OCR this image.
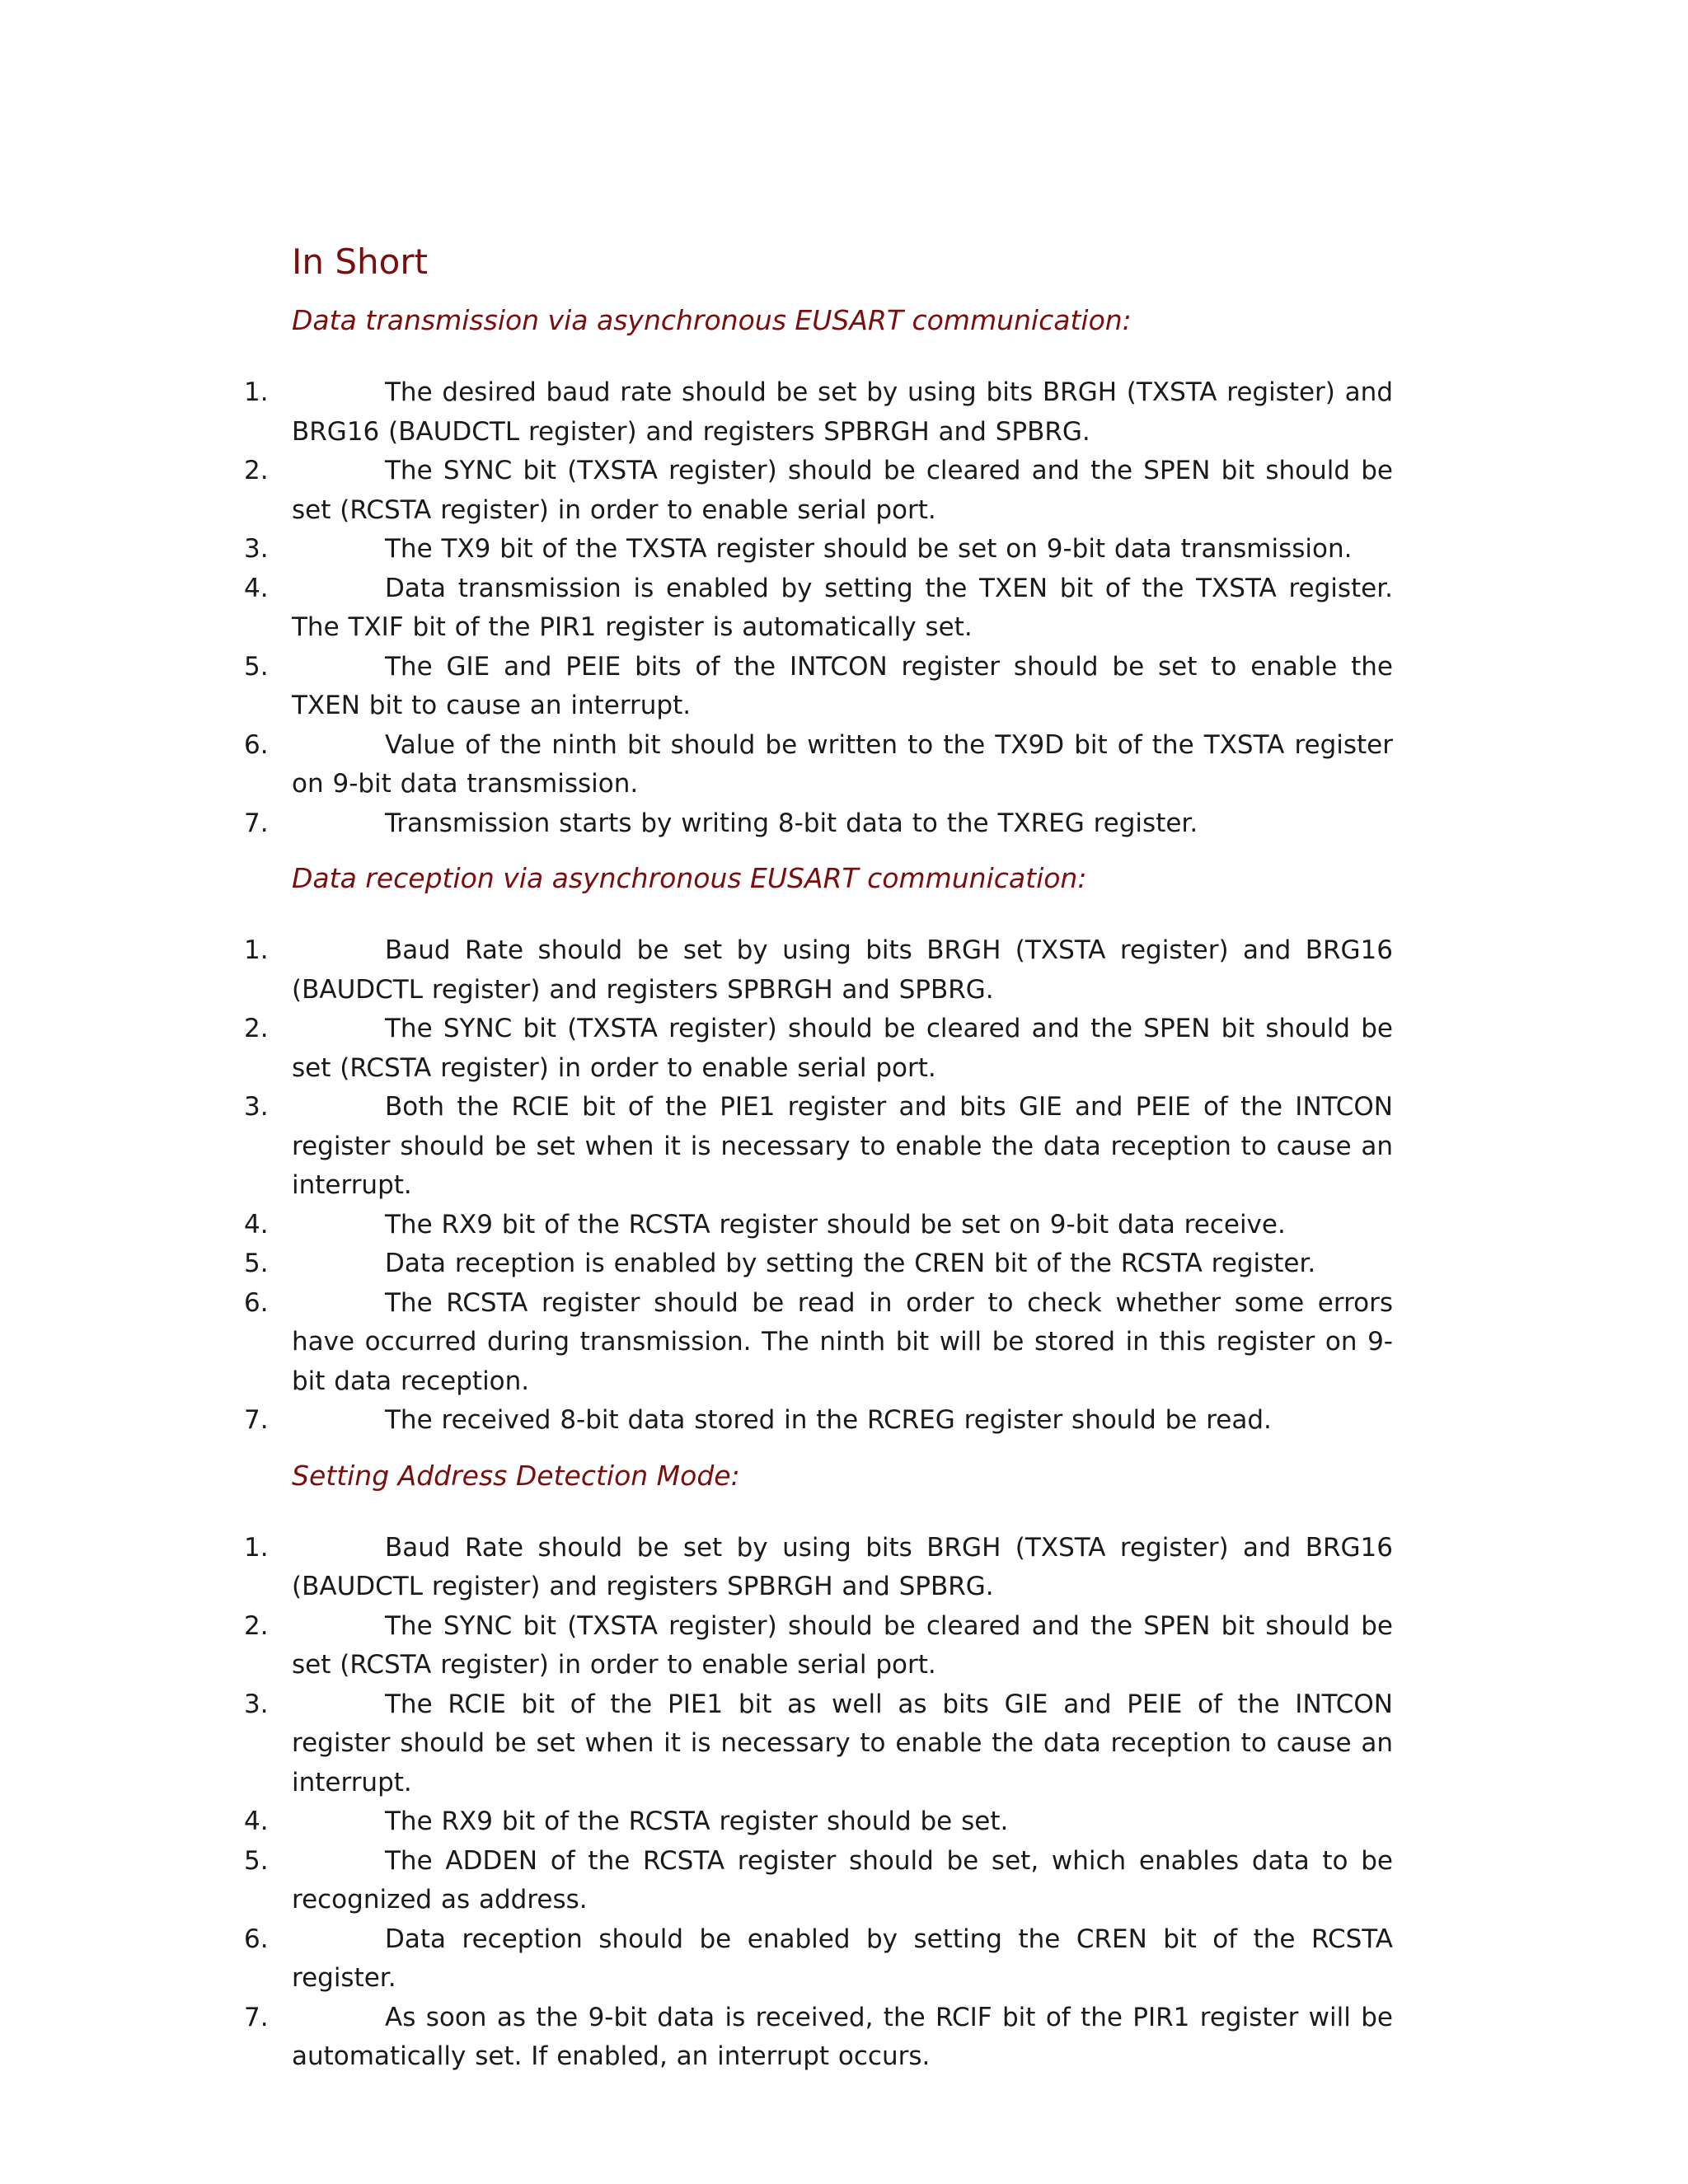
In Short
Data transmission via asynchronous EUSART communication:
1.	The desired baud rate should be set by using bits BRGH (TXSTA register) and BRG16 (BAUDCTL register) and registers SPBRGH and SPBRG.
2.	The SYNC bit (TXSTA register) should be cleared and the SPEN bit should be set (RCSTA register) in order to enable serial port.
3.	The TX9 bit of the TXSTA register should be set on 9-bit data transmission.
4.	Data transmission is enabled by setting the TXEN bit of the TXSTA register. The TXIF bit of the PIR1 register is automatically set.
5.	The GIE and PEIE bits of the INTCON register should be set to enable the TXEN bit to cause an interrupt.
6.	Value of the ninth bit should be written to the TX9D bit of the TXSTA register on 9-bit data transmission.
7.	Transmission starts by writing 8-bit data to the TXREG register.
Data reception via asynchronous EUSART communication:
1.	Baud Rate should be set by using bits BRGH (TXSTA register) and BRG16 (BAUDCTL register) and registers SPBRGH and SPBRG.
2.	The SYNC bit (TXSTA register) should be cleared and the SPEN bit should be set (RCSTA register) in order to enable serial port.
3.	Both the RCIE bit of the PIE1 register and bits GIE and PEIE of the INTCON register should be set when it is necessary to enable the data reception to cause an interrupt.
4.	The RX9 bit of the RCSTA register should be set on 9-bit data receive.
5.	Data reception is enabled by setting the CREN bit of the RCSTA register.
6.	The RCSTA register should be read in order to check whether some errors have occurred during transmission. The ninth bit will be stored in this register on 9-bit data reception.
7.	The received 8-bit data stored in the RCREG register should be read.
Setting Address Detection Mode:
1.	Baud Rate should be set by using bits BRGH (TXSTA register) and BRG16 (BAUDCTL register) and registers SPBRGH and SPBRG.
2.	The SYNC bit (TXSTA register) should be cleared and the SPEN bit should be set (RCSTA register) in order to enable serial port.
3.	The RCIE bit of the PIE1 bit as well as bits GIE and PEIE of the INTCON register should be set when it is necessary to enable the data reception to cause an interrupt.
4.	The RX9 bit of the RCSTA register should be set.
5.	The ADDEN of the RCSTA register should be set, which enables data to be recognized as address.
6.	Data reception should be enabled by setting the CREN bit of the RCSTA register.
7.	As soon as the 9-bit data is received, the RCIF bit of the PIR1 register will be automatically set. If enabled, an interrupt occurs.
